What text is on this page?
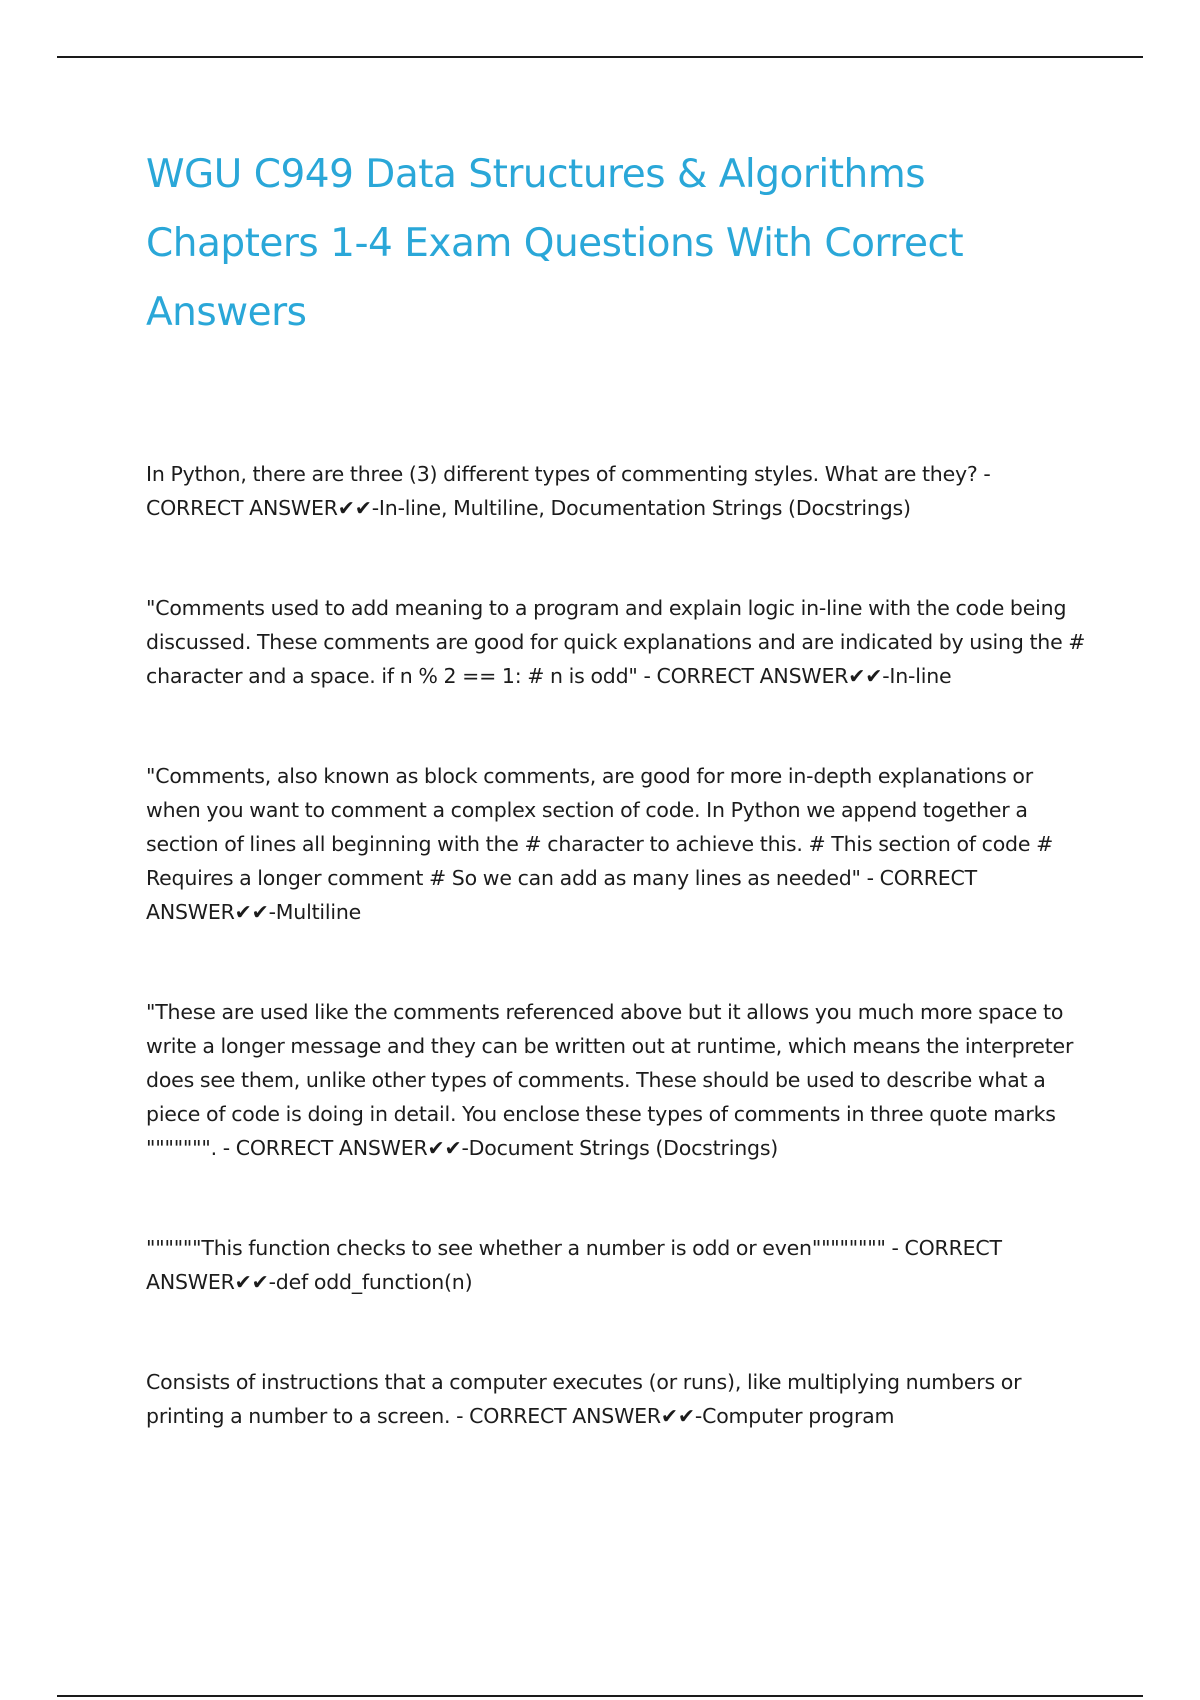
WGU C949 Data Structures & Algorithms Chapters 1-4 Exam Questions With Correct Answers

In Python, there are three (3) different types of commenting styles. What are they? - CORRECT ANSWER✔✔-In-line, Multiline, Documentation Strings (Docstrings)

"Comments used to add meaning to a program and explain logic in-line with the code being discussed. These comments are good for quick explanations and are indicated by using the # character and a space. if n % 2 == 1: # n is odd" - CORRECT ANSWER✔✔-In-line

"Comments, also known as block comments, are good for more in-depth explanations or when you want to comment a complex section of code. In Python we append together a section of lines all beginning with the # character to achieve this. # This section of code # Requires a longer comment # So we can add as many lines as needed" - CORRECT ANSWER✔✔-Multiline

"These are used like the comments referenced above but it allows you much more space to write a longer message and they can be written out at runtime, which means the interpreter does see them, unlike other types of comments. These should be used to describe what a piece of code is doing in detail. You enclose these types of comments in three quote marks """"""". - CORRECT ANSWER✔✔-Document Strings (Docstrings)

""""""This function checks to see whether a number is odd or even"""""""" - CORRECT ANSWER✔✔-def odd_function(n)

Consists of instructions that a computer executes (or runs), like multiplying numbers or printing a number to a screen. - CORRECT ANSWER✔✔-Computer program
